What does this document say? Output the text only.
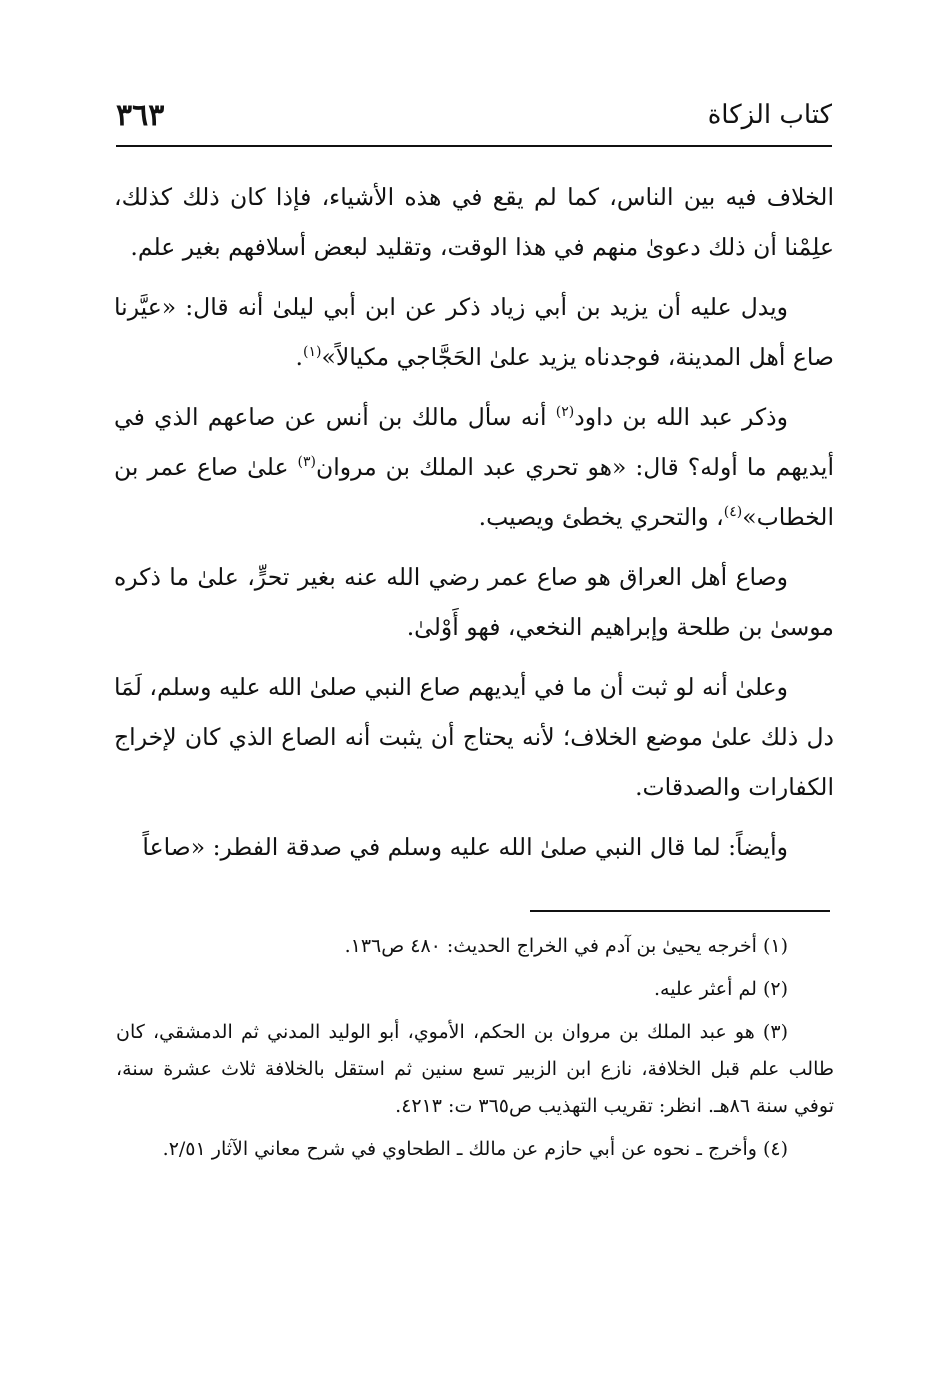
كتاب الزكاة
٣٦٣

الخلاف فيه بين الناس، كما لم يقع في هذه الأشياء، فإذا كان ذلك كذلك، علِمْنا أن ذلك دعوىٰ منهم في هذا الوقت، وتقليد لبعض أسلافهم بغير علم.

ويدل عليه أن يزيد بن أبي زياد ذكر عن ابن أبي ليلىٰ أنه قال: «عيَّرنا صاع أهل المدينة، فوجدناه يزيد علىٰ الحَجَّاجي مكيالاً»$^{(١)}$.

وذكر عبد الله بن داود$^{(٢)}$ أنه سأل مالك بن أنس عن صاعهم الذي في أيديهم ما أوله؟ قال: «هو تحري عبد الملك بن مروان$^{(٣)}$ علىٰ صاع عمر بن الخطاب»$^{(٤)}$، والتحري يخطئ ويصيب.

وصاع أهل العراق هو صاع عمر رضي الله عنه بغير تحرٍّ، علىٰ ما ذكره موسىٰ بن طلحة وإبراهيم النخعي، فهو أَوْلىٰ.

وعلىٰ أنه لو ثبت أن ما في أيديهم صاع النبي صلىٰ الله عليه وسلم، لَمَا دل ذلك علىٰ موضع الخلاف؛ لأنه يحتاج أن يثبت أنه الصاع الذي كان لإخراج الكفارات والصدقات.

وأيضاً: لما قال النبي صلىٰ الله عليه وسلم في صدقة الفطر: «صاعاً

(١) أخرجه يحيىٰ بن آدم في الخراج الحديث: ٤٨٠ ص١٣٦.

(٢) لم أعثر عليه.

(٣) هو عبد الملك بن مروان بن الحكم، الأموي، أبو الوليد المدني ثم الدمشقي، كان طالب علم قبل الخلافة، نازع ابن الزبير تسع سنين ثم استقل بالخلافة ثلاث عشرة سنة، توفي سنة ٨٦هـ. انظر: تقريب التهذيب ص٣٦٥ ت: ٤٢١٣.

(٤) وأخرج ـ نحوه عن أبي حازم عن مالك ـ الطحاوي في شرح معاني الآثار ٢/٥١.
